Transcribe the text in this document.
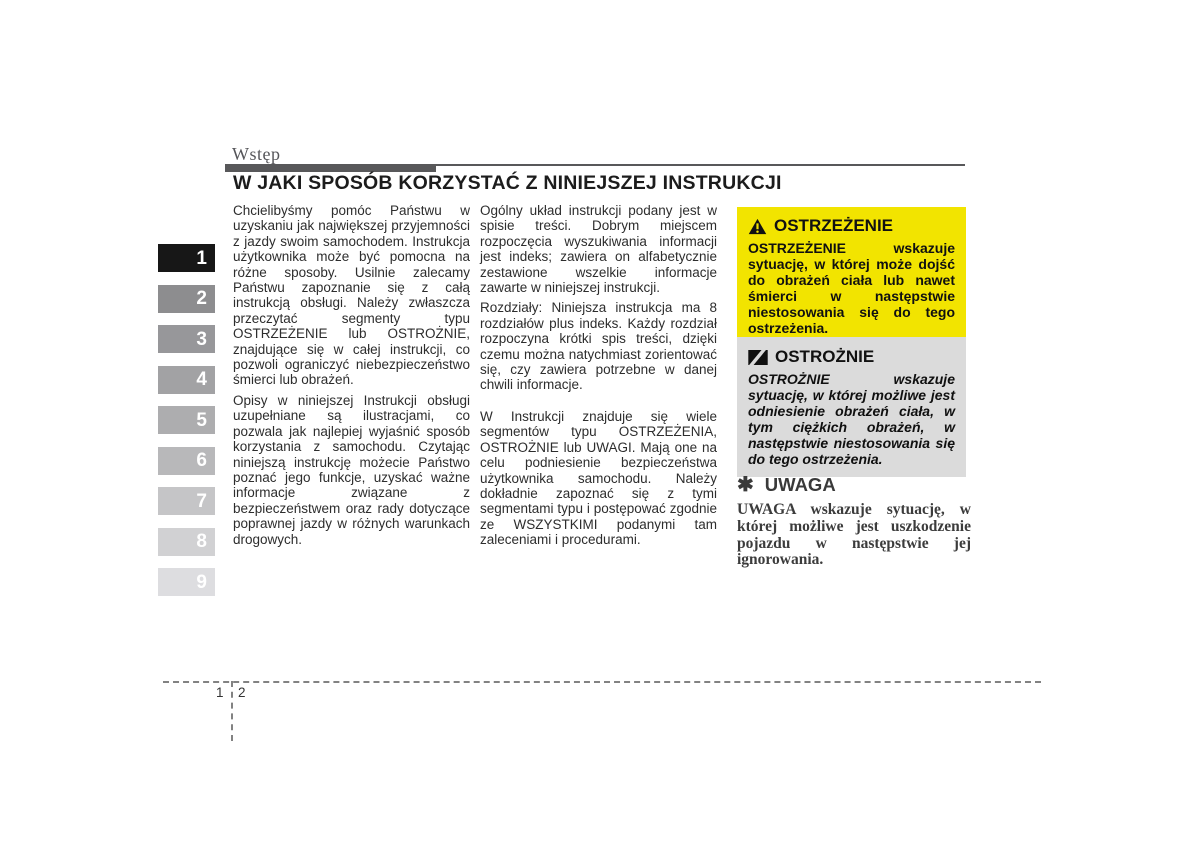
Wstęp
1
2
3
4
5
6
7
8
9
W JAKI SPOSÓB KORZYSTAĆ Z NINIEJSZEJ INSTRUKCJI

Chcielibyśmy pomóc Państwu w uzyskaniu jak największej przyjemności z jazdy swoim samochodem. Instrukcja użytkownika może być pomocna na różne sposoby. Usilnie zalecamy Państwu zapoznanie się z całą instrukcją obsługi. Należy zwłaszcza przeczytać segmenty typu OSTRZEŻENIE lub OSTROŻNIE, znajdujące się w całej instrukcji, co pozwoli ograniczyć niebezpieczeństwo śmierci lub obrażeń.

Opisy w niniejszej Instrukcji obsługi uzupełniane są ilustracjami, co pozwala jak najlepiej wyjaśnić sposób korzystania z samochodu. Czytając niniejszą instrukcję możecie Państwo poznać jego funkcje, uzyskać ważne informacje związane z bezpieczeństwem oraz rady dotyczące poprawnej jazdy w różnych warunkach drogowych.

Ogólny układ instrukcji podany jest w spisie treści. Dobrym miejscem rozpoczęcia wyszukiwania informacji jest indeks; zawiera on alfabetycznie zestawione wszelkie informacje zawarte w niniejszej instrukcji.

Rozdziały: Niniejsza instrukcja ma 8 rozdziałów plus indeks. Każdy rozdział rozpoczyna krótki spis treści, dzięki czemu można natychmiast zorientować się, czy zawiera potrzebne w danej chwili informacje.

W Instrukcji znajduje się wiele segmentów typu OSTRZEŻENIA, OSTROŻNIE lub UWAGI. Mają one na celu podniesienie bezpieczeństwa użytkownika samochodu. Należy dokładnie zapoznać się z tymi segmentami typu i postępować zgodnie ze WSZYSTKIMI podanymi tam zaleceniami i procedurami.

OSTRZEŻENIE

OSTRZEŻENIE wskazuje sytuację, w której może dojść do obrażeń ciała lub nawet śmierci w następstwie niestosowania się do tego ostrzeżenia.

OSTROŻNIE

OSTROŻNIE wskazuje sytuację, w której możliwe jest odniesienie obrażeń ciała, w tym ciężkich obrażeń, w następstwie niestosowania się do tego ostrzeżenia.

✱ UWAGA

UWAGA wskazuje sytuację, w której możliwe jest uszkodzenie pojazdu w następstwie jej ignorowania.

1 2
